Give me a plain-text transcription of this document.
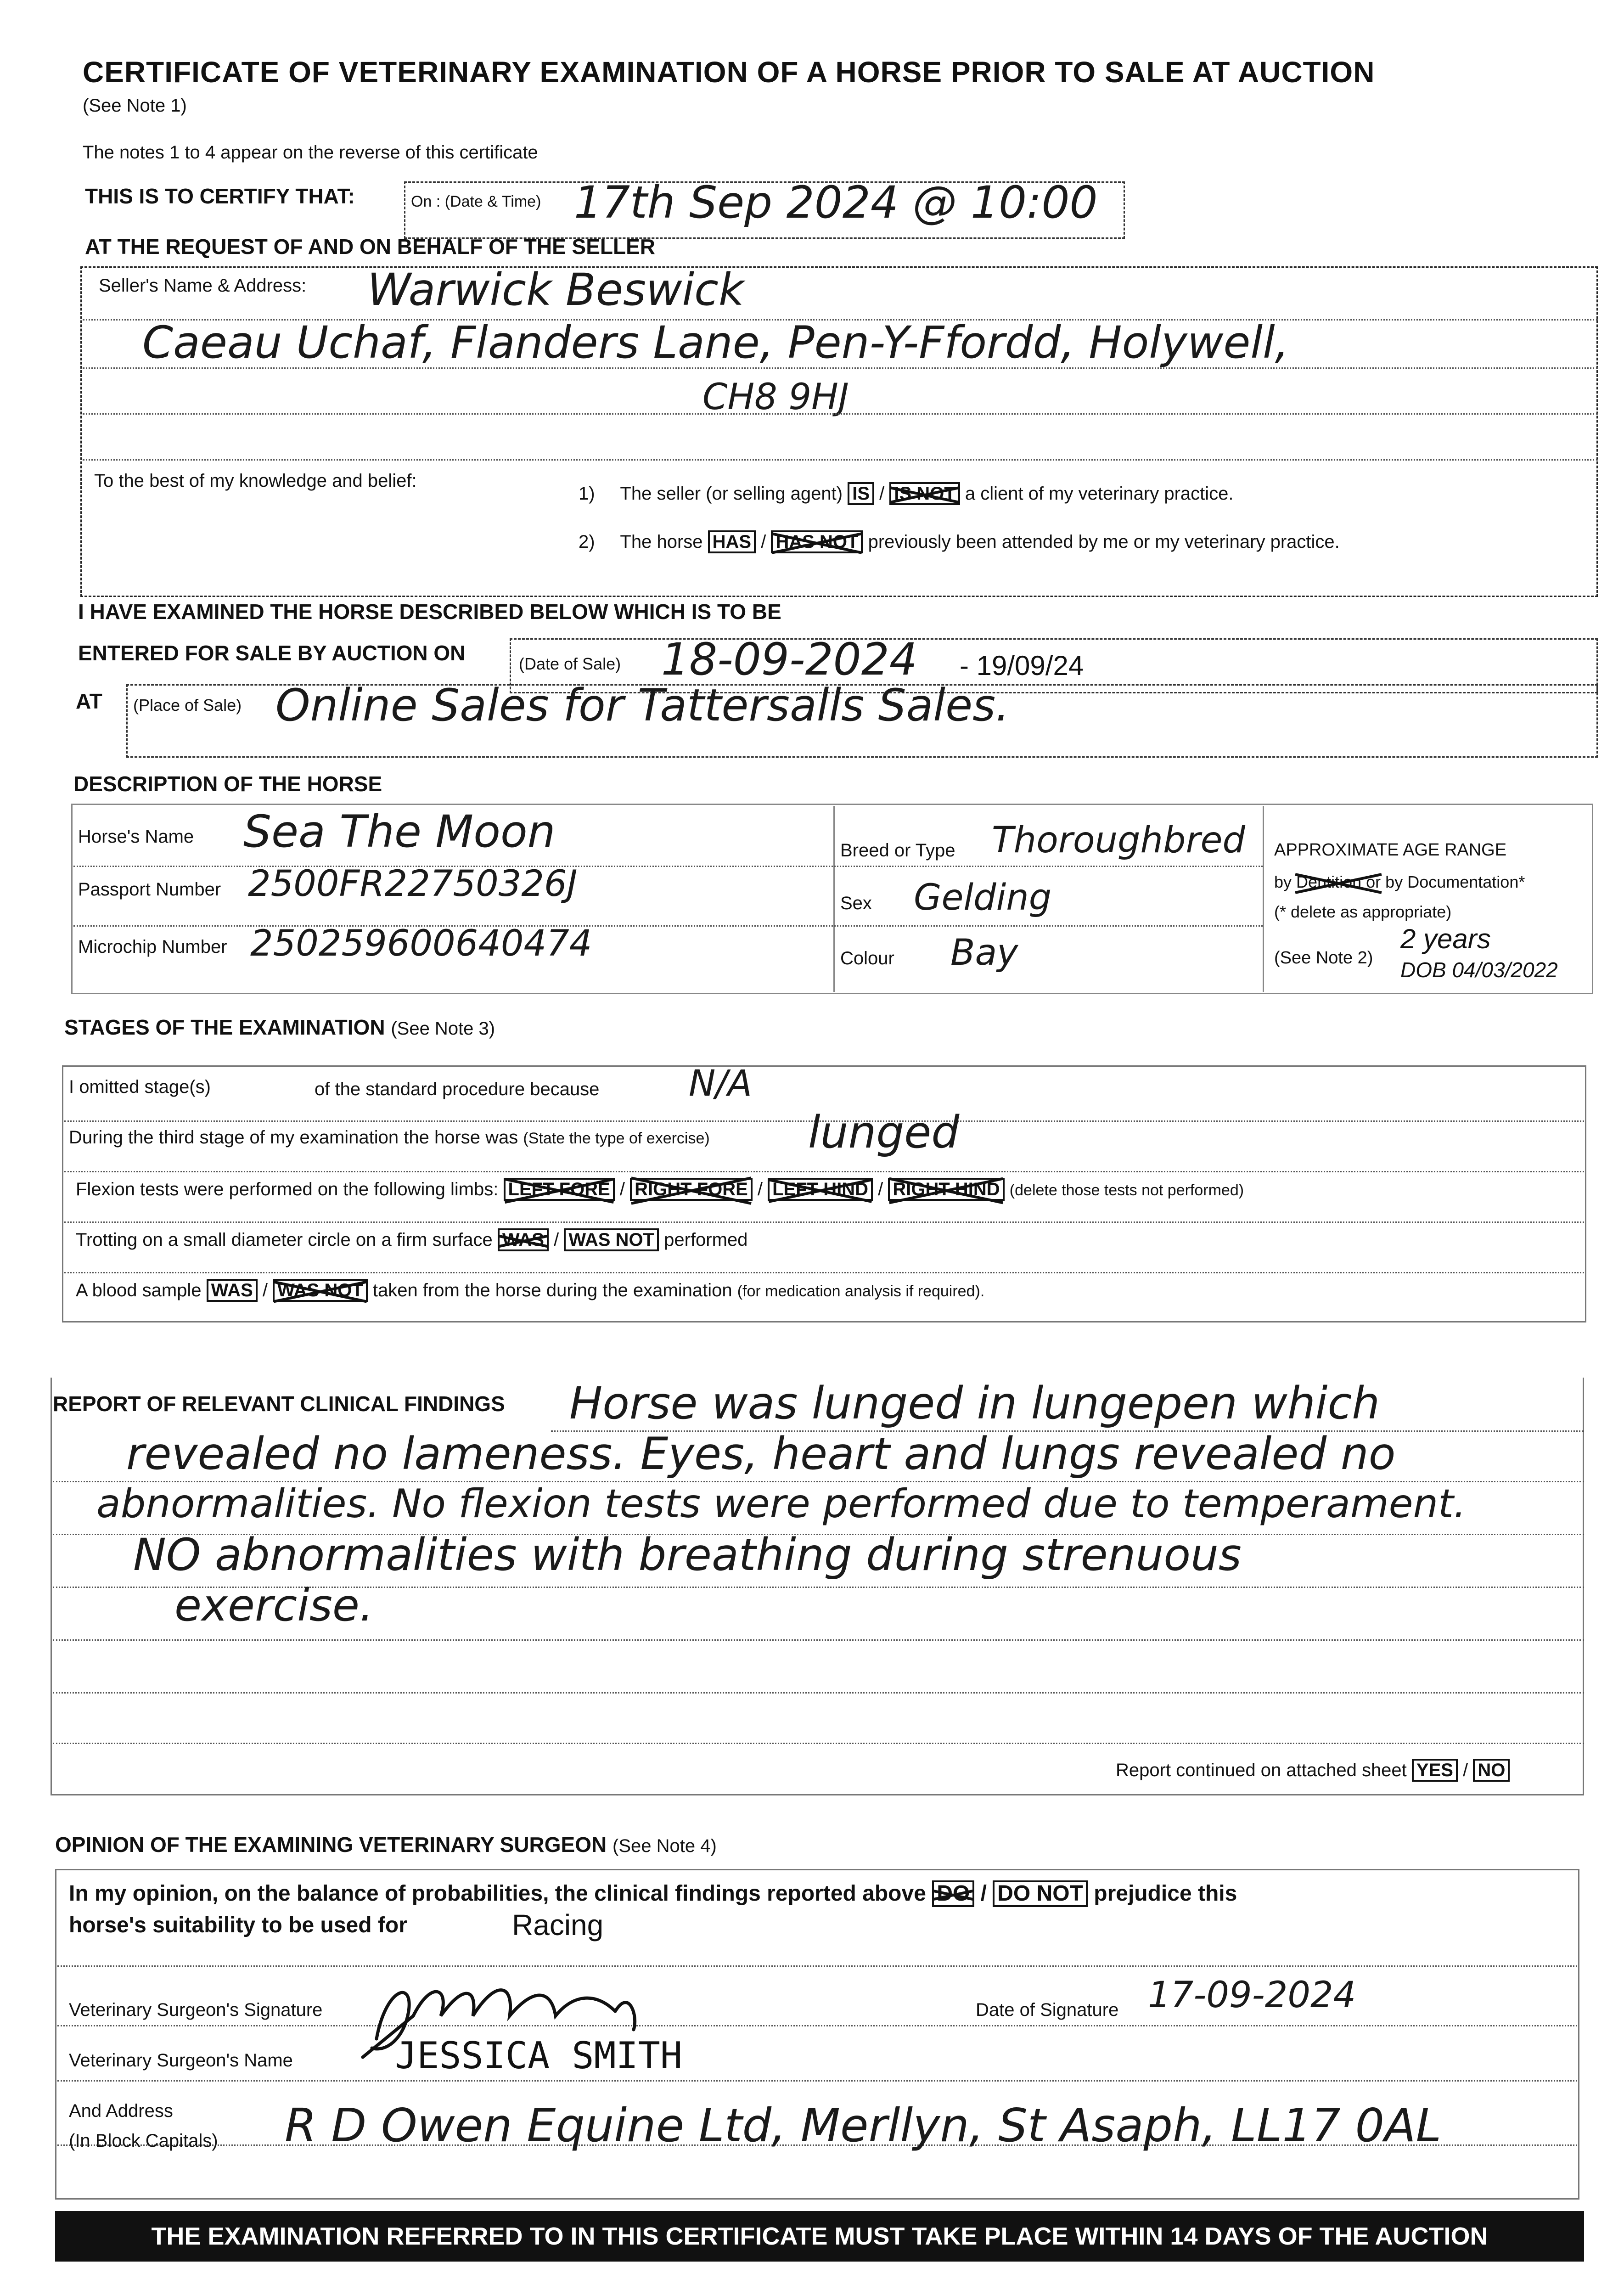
CERTIFICATE OF VETERINARY EXAMINATION OF A HORSE PRIOR TO SALE AT AUCTION
(See Note 1)
The notes 1 to 4 appear on the reverse of this certificate
THIS IS TO CERTIFY THAT:	On : (Date & Time) 17th Sep 2024 @ 10:00
AT THE REQUEST OF AND ON BEHALF OF THE SELLER
Seller's Name & Address: Warwick Beswick
Caeau Uchaf, Flanders Lane, Pen-Y-Ffordd, Holywell,
CH8 9HJ
To the best of my knowledge and belief:
1) The seller (or selling agent) IS / IS NOT a client of my veterinary practice.
2) The horse HAS / HAS NOT previously been attended by me or my veterinary practice.
I HAVE EXAMINED THE HORSE DESCRIBED BELOW WHICH IS TO BE
ENTERED FOR SALE BY AUCTION ON	(Date of Sale) 18-09-2024 - 19/09/24
AT (Place of Sale) Online Sales for Tattersalls Sales.
DESCRIPTION OF THE HORSE
Horse's Name Sea The Moon
Passport Number 2500FR22750326J
Microchip Number 250259600640474
Breed or Type Thoroughbred
Sex Gelding
Colour Bay
APPROXIMATE AGE RANGE
by Dentition or by Documentation*
(* delete as appropriate)
(See Note 2)
2 years
DOB 04/03/2022
STAGES OF THE EXAMINATION (See Note 3)
I omitted stage(s)	of the standard procedure because N/A
During the third stage of my examination the horse was (State the type of exercise) lunged
Flexion tests were performed on the following limbs: LEFT FORE / RIGHT FORE / LEFT HIND / RIGHT HIND (delete those tests not performed)
Trotting on a small diameter circle on a firm surface WAS / WAS NOT performed
A blood sample WAS / WAS NOT taken from the horse during the examination (for medication analysis if required).
REPORT OF RELEVANT CLINICAL FINDINGS Horse was lunged in lungepen which
revealed no lameness. Eyes, heart and lungs revealed no
abnormalities. No flexion tests were performed due to temperament.
NO abnormalities with breathing during strenuous
exercise.
Report continued on attached sheet YES / NO
OPINION OF THE EXAMINING VETERINARY SURGEON (See Note 4)
In my opinion, on the balance of probabilities, the clinical findings reported above DO / DO NOT prejudice this
horse's suitability to be used for	Racing
Veterinary Surgeon's Signature	Date of Signature 17-09-2024
Veterinary Surgeon's Name	JESSICA SMITH
And Address
(In Block Capitals) R D Owen Equine Ltd, Merllyn, St Asaph, LL17 0AL
THE EXAMINATION REFERRED TO IN THIS CERTIFICATE MUST TAKE PLACE WITHIN 14 DAYS OF THE AUCTION
